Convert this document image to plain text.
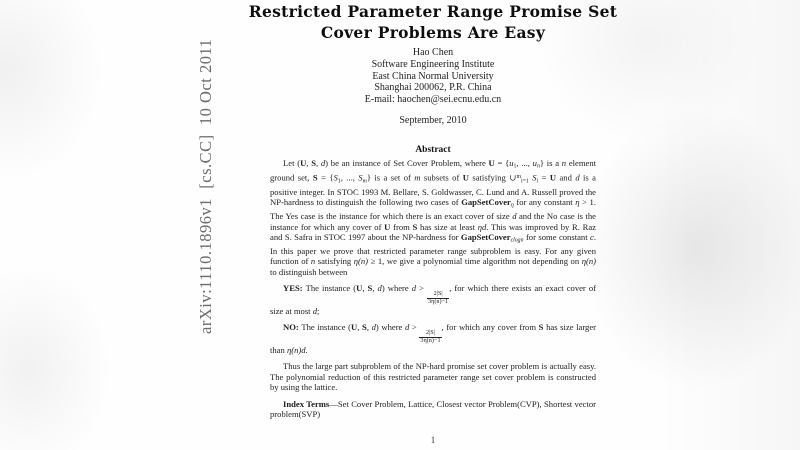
arXiv:1110.1896v1  [cs.CC]  10 Oct 2011
Restricted Parameter Range Promise Set
Cover Problems Are Easy
Hao Chen
Software Engineering Institute
East China Normal University
Shanghai 200062, P.R. China
E-mail: haochen@sei.ecnu.edu.cn
September, 2010
Abstract
Let (U, S, d) be an instance of Set Cover Problem, where U = {u1, ..., un} is a n element ground set, S = {S1, ..., Sm} is a set of m subsets of U satisfying ∪$^m$i=1 Si = U and d is a positive integer. In STOC 1993 M. Bellare, S. Goldwasser, C. Lund and A. Russell proved the NP-hardness to distinguish the following two cases of GapSetCoverη for any constant η > 1. The Yes case is the instance for which there is an exact cover of size d and the No case is the instance for which any cover of U from S has size at least ηd. This was improved by R. Raz and S. Safra in STOC 1997 about the NP-hardness for GapSetCoverclogn for some constant c. In this paper we prove that restricted parameter range subproblem is easy. For any given function of n satisfying η(n) ≥ 1, we give a polynomial time algorithm not depending on η(n) to distinguish between
YES: The instance (U, S, d) where d >
$\frac{2|S|}{3\eta(n)-1}$
, for which there exists an exact cover of size at most d;
NO: The instance (U, S, d) where d >
$\frac{2|S|}{3\eta(n)-1}$
, for which any cover from S has size larger than η(n)d.
Thus the large part subproblem of the NP-hard promise set cover problem is actually easy. The polynomial reduction of this restricted parameter range set cover problem is constructed by using the lattice.
Index Terms—Set Cover Problem, Lattice, Closest vector Problem(CVP), Shortest vector problem(SVP)
1
